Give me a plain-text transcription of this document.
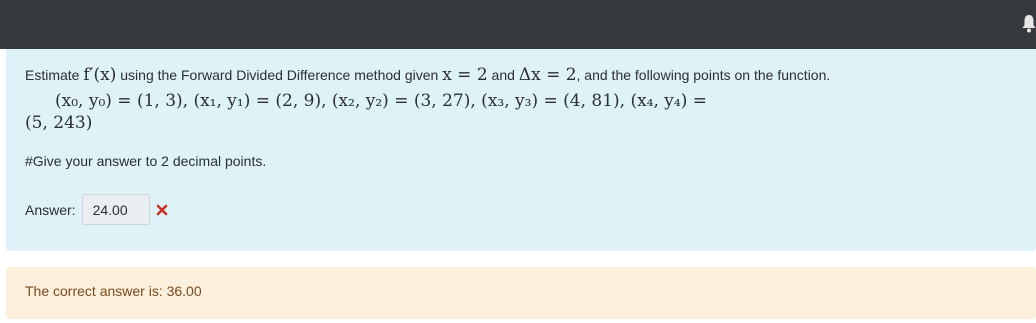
Estimate f′(x) using the Forward Divided Difference method given x = 2 and Δx = 2, and the following points on the function.
(x₀, y₀) = (1, 3), (x₁, y₁) = (2, 9), (x₂, y₂) = (3, 27), (x₃, y₃) = (4, 81), (x₄, y₄) =
(5, 243)
#Give your answer to 2 decimal points.
Answer:
24.00
The correct answer is: 36.00
